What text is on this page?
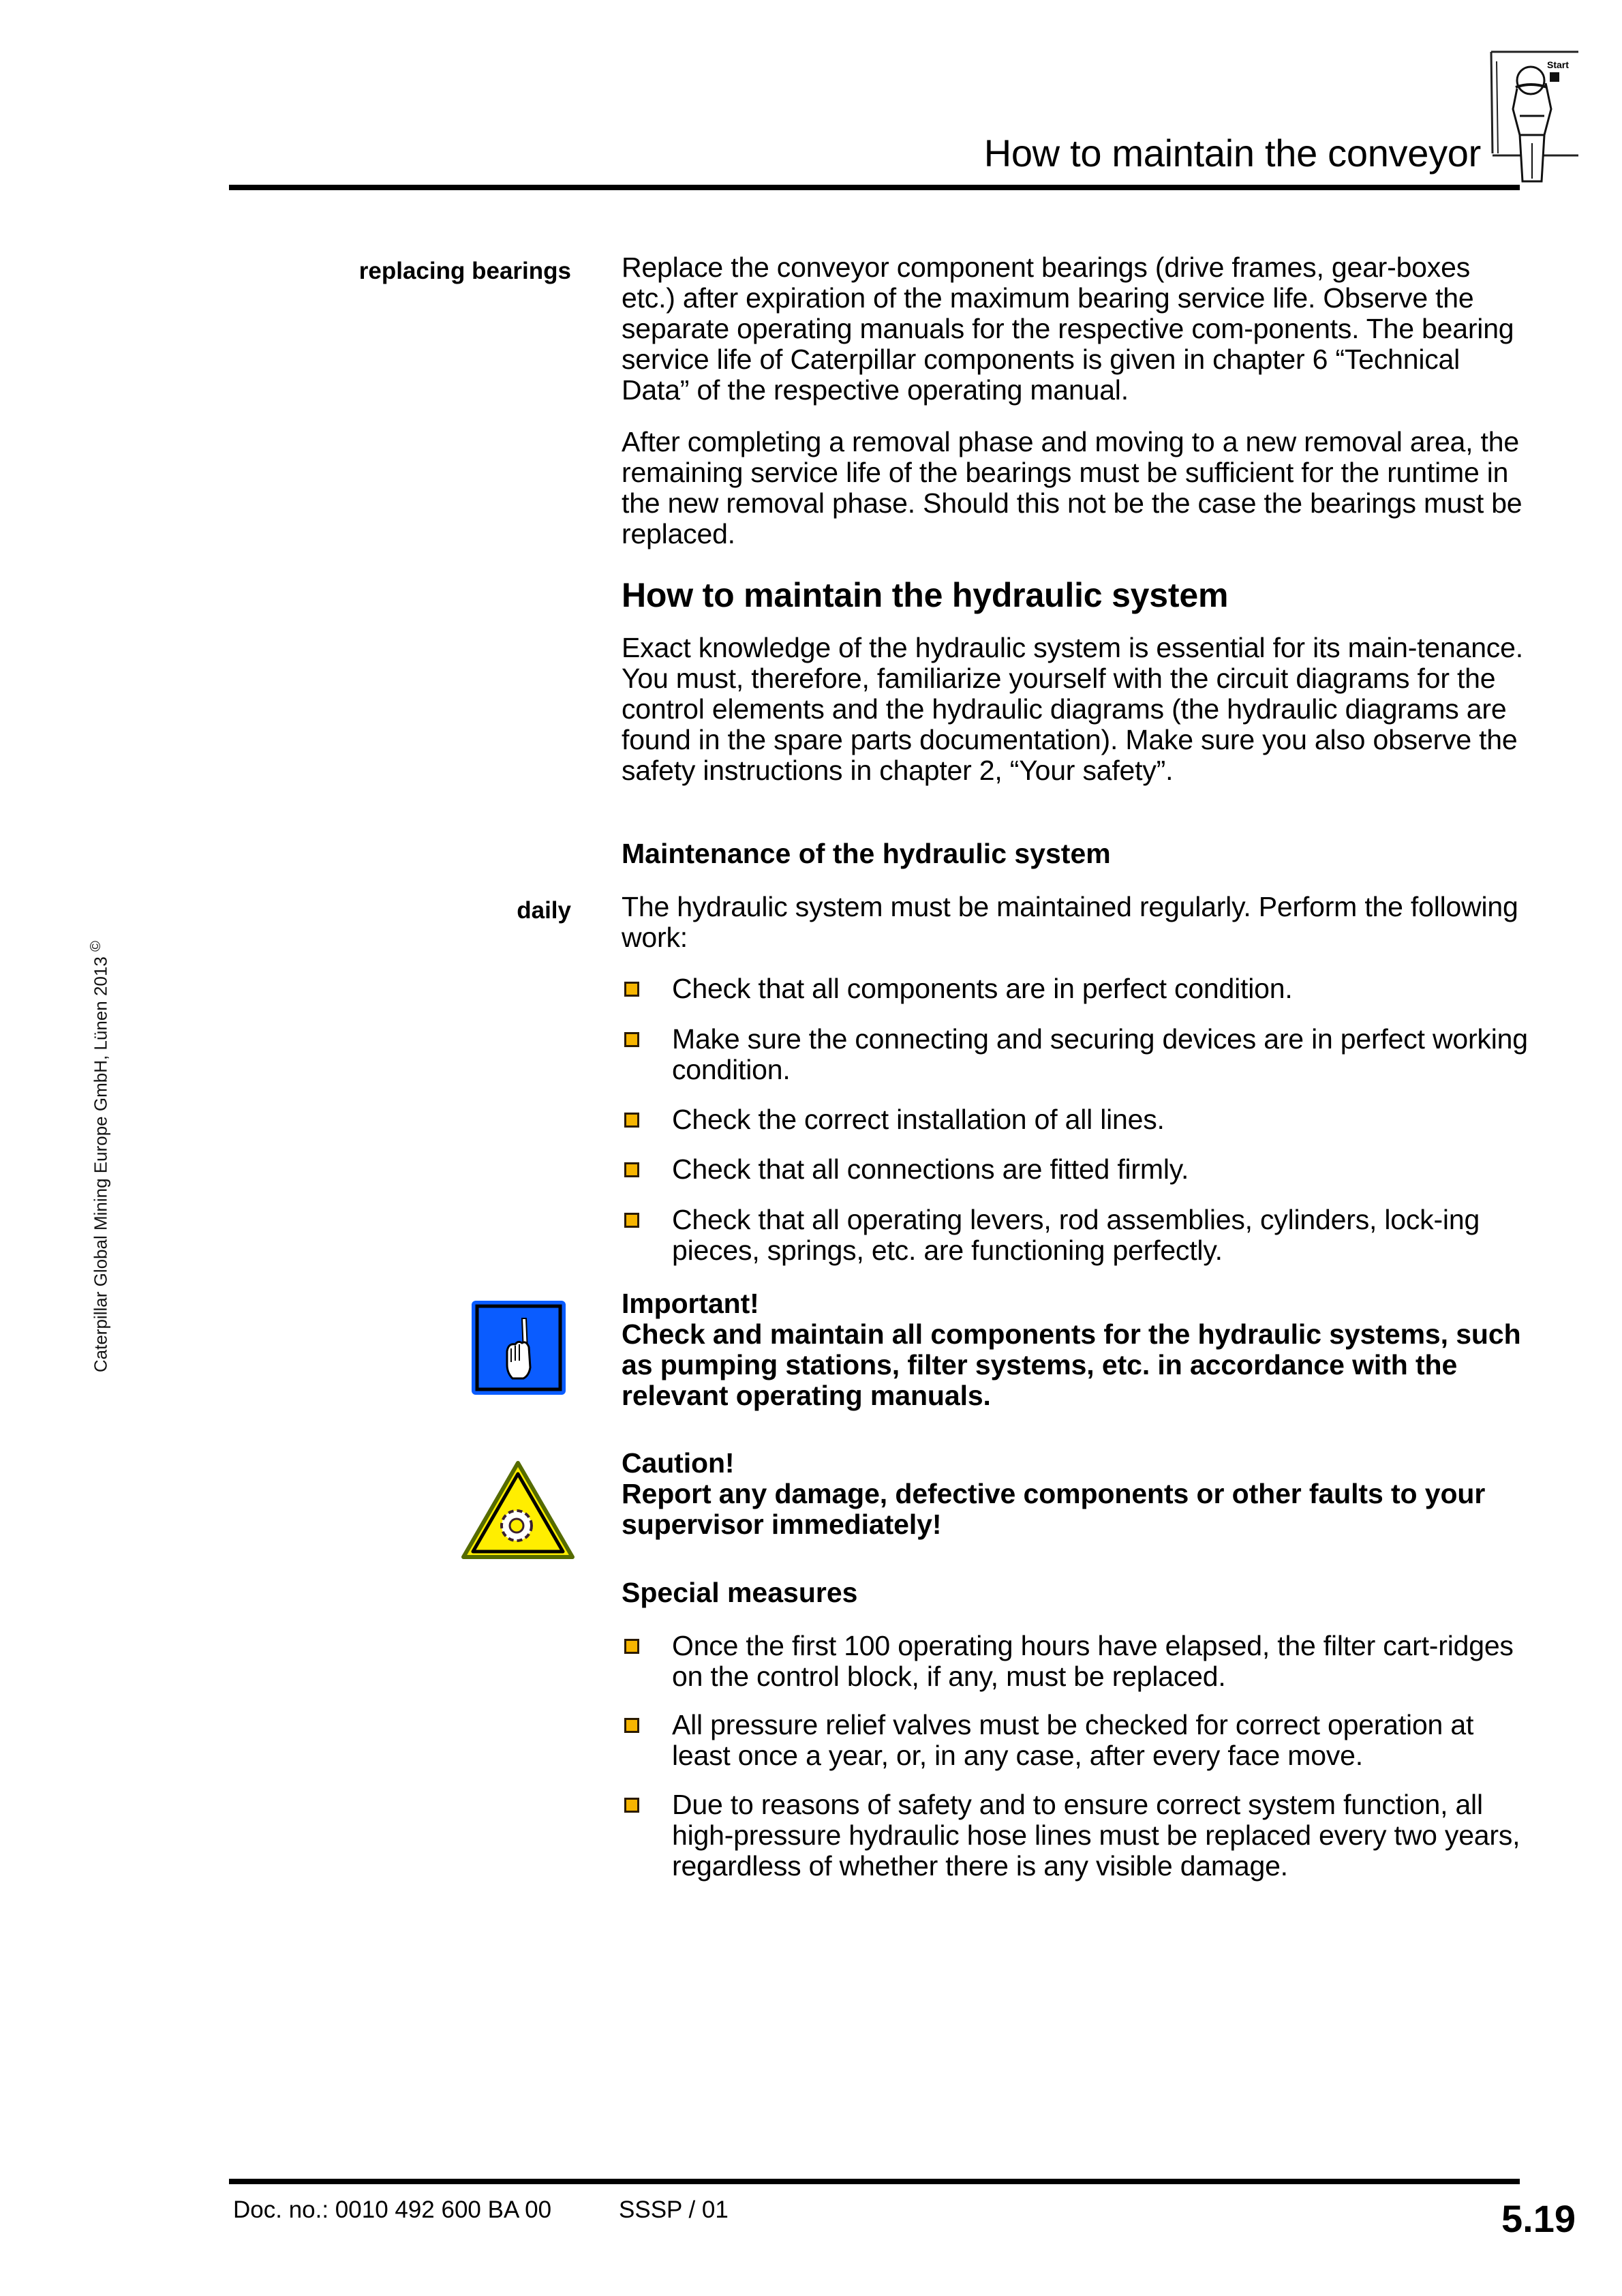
How to maintain the conveyor
Start
Caterpillar Global Mining Europe GmbH, Lünen 2013 ©
replacing bearings Replace the conveyor component bearings (drive frames, gear-boxes etc.) after expiration of the maximum bearing service life. Observe the separate operating manuals for the respective com-ponents. The bearing service life of Caterpillar components is given in chapter 6 “Technical Data” of the respective operating manual.

After completing a removal phase and moving to a new removal area, the remaining service life of the bearings must be sufficient for the runtime in the new removal phase. Should this not be the case the bearings must be replaced.

How to maintain the hydraulic system

Exact knowledge of the hydraulic system is essential for its main-tenance. You must, therefore, familiarize yourself with the circuit diagrams for the control elements and the hydraulic diagrams (the hydraulic diagrams are found in the spare parts documentation). Make sure you also observe the safety instructions in chapter 2, “Your safety”.

Maintenance of the hydraulic system
daily The hydraulic system must be maintained regularly. Perform the following work:

Check that all components are in perfect condition.
Make sure the connecting and securing devices are in perfect working condition.
Check the correct installation of all lines.
Check that all connections are fitted firmly.
Check that all operating levers, rod assemblies, cylinders, lock-ing pieces, springs, etc. are functioning perfectly.
Important!
Check and maintain all components for the hydraulic systems, such as pumping stations, filter systems, etc. in accordance with the relevant operating manuals.
Caution!
Report any damage, defective components or other faults to your supervisor immediately!
Special measures
Once the first 100 operating hours have elapsed, the filter cart-ridges on the control block, if any, must be replaced.
All pressure relief valves must be checked for correct operation at least once a year, or, in any case, after every face move.
Due to reasons of safety and to ensure correct system function, all high-pressure hydraulic hose lines must be replaced every two years, regardless of whether there is any visible damage.
Doc. no.: 0010 492 600 BA 00	SSSP / 01	5.19
